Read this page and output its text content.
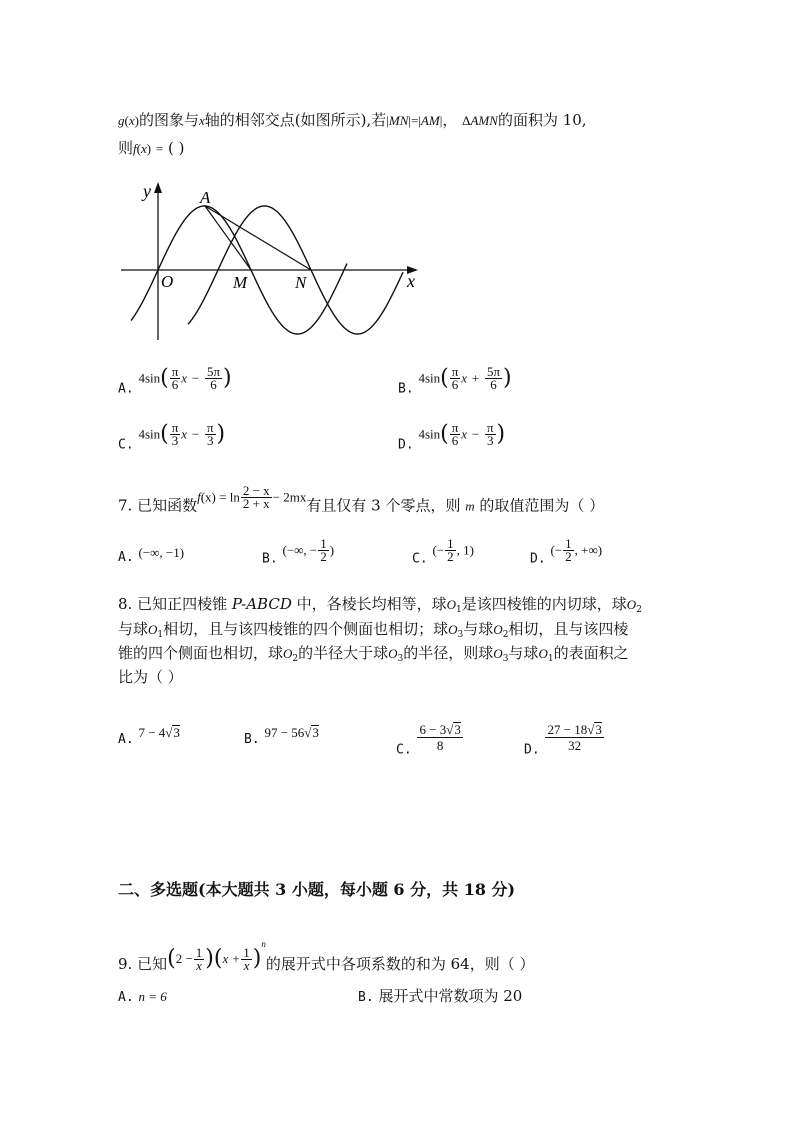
g(x)的图象与x轴的相邻交点(如图所示),若|MN|=|AM|， ΔAMN的面积为 10,
则f(x) = ( )
y
x
O
A
M	N
A. $4\sin( \frac{\pi}{6}$ $x - \frac{5\pi}{6}$ )	B. $4\sin( \frac{\pi}{6}$ $x + \frac{5\pi}{6}$ )
C. $4\sin( \frac{\pi}{3}$ $x - \frac{\pi}{3}$ )	D. $4\sin( \frac{\pi}{6}$ $x - \frac{\pi}{3}$ )
7. 已知函数$f(x) = \ln \frac{2 - x}{2 + x} - 2mx$有且仅有 3 个零点，则 m 的取值范围为（ ）
A. (−∞, −1)	B. (−∞, − $\frac{1}{2}$ )
C. (− $\frac{1}{2}$ , 1)
D. (− $\frac{1}{2}$ , +∞)
8. 已知正四棱锥 P-ABCD 中，各棱长均相等，球$O_1$是该四棱锥的内切球，球$O_2$
与球$O_1$相切，且与该四棱锥的四个侧面也相切；球$O_3$与球$O_2$相切，且与该四棱
锥的四个侧面也相切，球$O_2$的半径大于球$O_3$的半径，则球$O_3$与球$O_1$的表面积之
比为（ ）
A. 7 − 4√3	B. 97 − 56√3
C. $\frac{6 - 3√3}{8}$	D. $\frac{27 - 18√3}{32}$
二、多选题(本大题共 3 小题，每小题 6 分，共 18 分)
9. 已知$(2 - \frac{1}{x} )(x + \frac{1}{x} )^n$的展开式中各项系数的和为 64，则（ ）
A. n = 6	B. 展开式中常数项为 20
